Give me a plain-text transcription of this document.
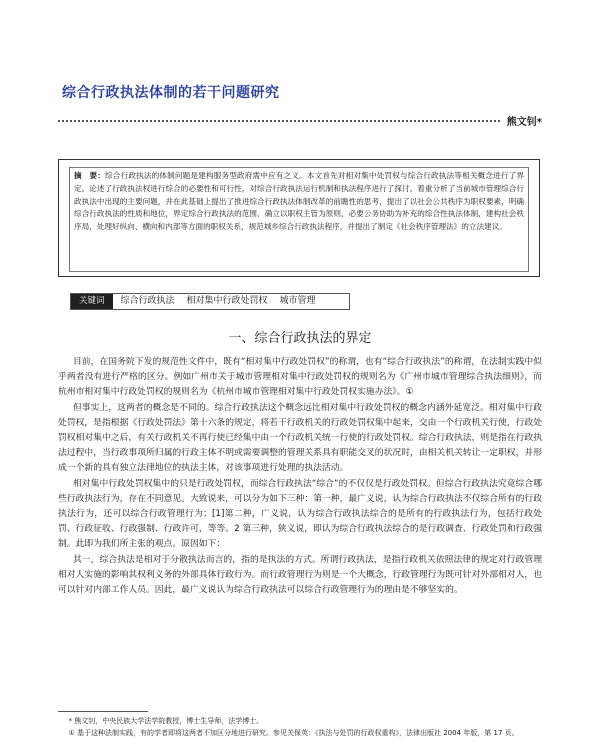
综合行政执法体制的若干问题研究
熊文钊*
摘　要：综合行政执法的体制问题是建构服务型政府需中应有之义。本文首先对相对集中处罚权与综合行政执法等相关概念进行了界定。论述了行政执法权进行综合的必要性和可行性，对综合行政执法运行机制和执法程序进行了探讨。着重分析了当前城市管理综合行政执法中出现的主要问题，并在此基础上提出了推进综合行政执法体制改革的前瞻性的思考，提出了以社会公共秩序为职权要素，明确综合行政执法的性质和地位，界定综合行政执法的范围，确立以职权主管为原则，必要公务协助为补充的综合性执法体制，建构社会秩序局，处理好纵向、横向和内部等方面的职权关系，规范城乡综合行政执法程序，并提出了制定《社会秩序管理法》的立法建议。
关键词 综合行政执法 相对集中行政处罚权 城市管理
一、综合行政执法的界定

目前，在国务院下发的规范性文件中，既有“相对集中行政处罚权”的称谓，也有“综合行政执法”的称谓，在法制实践中似乎两者没有进行严格的区分。例如广州市关于城市管理相对集中行政处罚权的规则名为《广州市城市管理综合执法细则》，而杭州市相对集中行政处罚权的规则名为《杭州市城市管理相对集中行政处罚权实施办法》。①

但事实上，这两者的概念是不同的。综合行政执法这个概念远比相对集中行政处罚权的概念内涵外延宽泛。相对集中行政处罚权，是指根据《行政处罚法》第十六条的规定，将若干行政机关的行政处罚权集中起来，交由一个行政机关行使，行政处罚权相对集中之后，有关行政机关不再行使已经集中由一个行政机关统一行使的行政处罚权。综合行政执法，则是指在行政执法过程中，当行政事项所归属的行政主体不明或需要调整的管理关系具有职能交叉的状况时，由相关机关转让一定职权，并形成一个新的具有独立法律地位的执法主体，对该事项进行处理的执法活动。

相对集中行政处罚权集中的只是行政处罚权，而综合行政执法“综合”的不仅仅是行政处罚权。但综合行政执法究竟综合哪些行政执法行为，存在不同意见。大致说来，可以分为如下三种：第一种，最广义说，认为综合行政执法不仅综合所有的行政执法行为，还可以综合行政管理行为；[1]第二种，广义说，认为综合行政执法综合的是所有的行政执法行为，包括行政处罚、行政征收、行政强制、行政许可，等等。2 第三种，狭义说，即认为综合行政执法综合的是行政调查、行政处罚和行政强制。此即为我们所主张的观点。原因如下：

其一，综合执法是相对于分散执法而言的，指的是执法的方式。所谓行政执法，是指行政机关依照法律的规定对行政管理相对人实施的影响其权利义务的外部具体行政行为。而行政管理行为则是一个大概念，行政管理行为既可针对外部相对人，也可以针对内部工作人员。因此，最广义说认为综合行政执法可以综合行政管理行为的理由是不够坚实的。

* 熊文钊，中央民族大学法学院教授，博士生导师，法学博士。

① 基于这种法制实践，有的学者即将这两者不加区分地进行研究。参见关保英：《执法与处罚的行政权重构》，法律出版社 2004 年版，第 17 页。
